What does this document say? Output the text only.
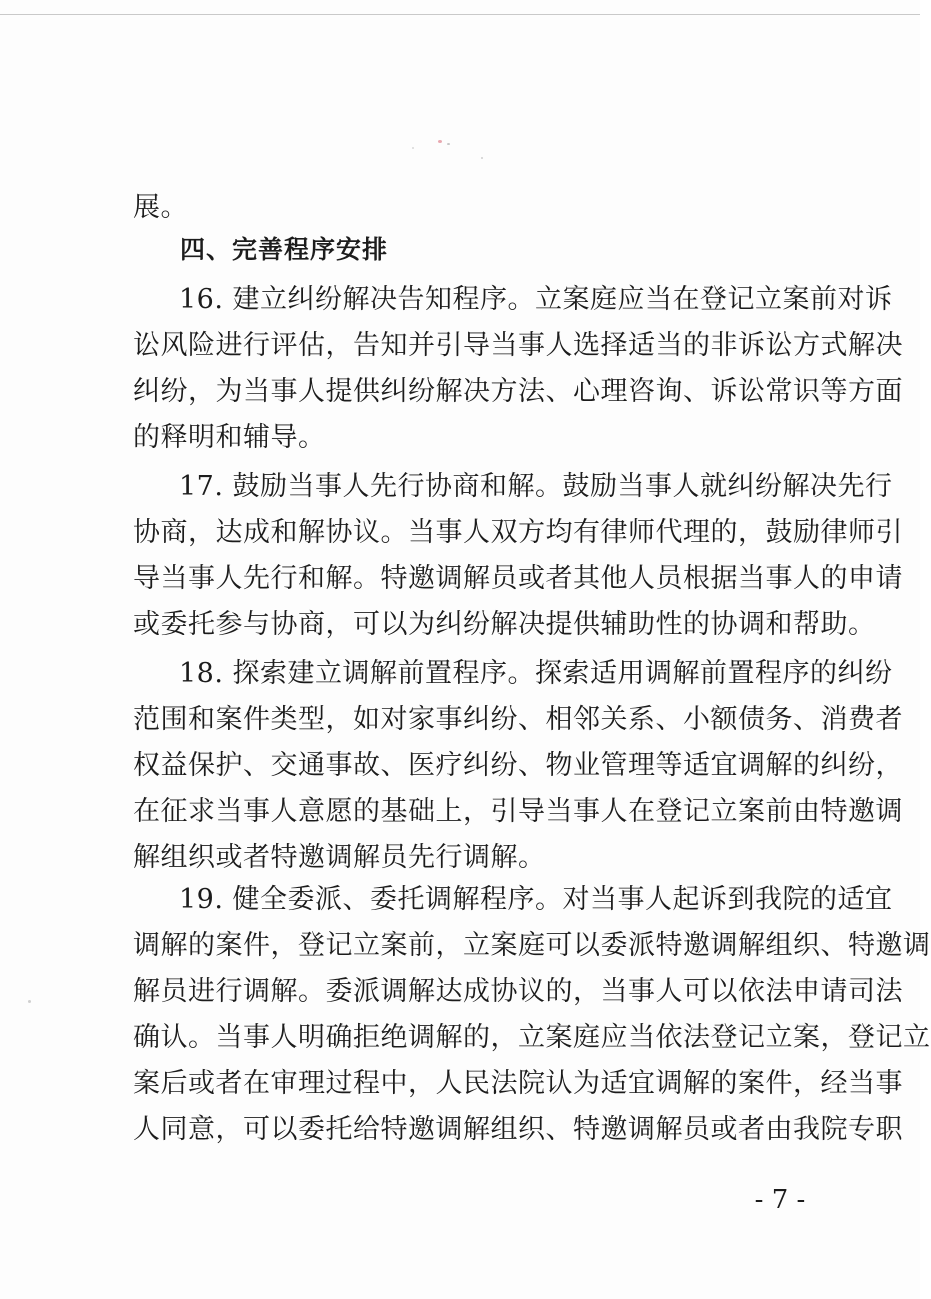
展。
四、完善程序安排
16. 建立纠纷解决告知程序。立案庭应当在登记立案前对诉
讼风险进行评估，告知并引导当事人选择适当的非诉讼方式解决
纠纷，为当事人提供纠纷解决方法、心理咨询、诉讼常识等方面
的释明和辅导。
17. 鼓励当事人先行协商和解。鼓励当事人就纠纷解决先行
协商，达成和解协议。当事人双方均有律师代理的，鼓励律师引
导当事人先行和解。特邀调解员或者其他人员根据当事人的申请
或委托参与协商，可以为纠纷解决提供辅助性的协调和帮助。
18. 探索建立调解前置程序。探索适用调解前置程序的纠纷
范围和案件类型，如对家事纠纷、相邻关系、小额债务、消费者
权益保护、交通事故、医疗纠纷、物业管理等适宜调解的纠纷，
在征求当事人意愿的基础上，引导当事人在登记立案前由特邀调
解组织或者特邀调解员先行调解。
19. 健全委派、委托调解程序。对当事人起诉到我院的适宜
调解的案件，登记立案前，立案庭可以委派特邀调解组织、特邀调
解员进行调解。委派调解达成协议的，当事人可以依法申请司法
确认。当事人明确拒绝调解的，立案庭应当依法登记立案，登记立
案后或者在审理过程中，人民法院认为适宜调解的案件，经当事
人同意，可以委托给特邀调解组织、特邀调解员或者由我院专职
- 7 -
